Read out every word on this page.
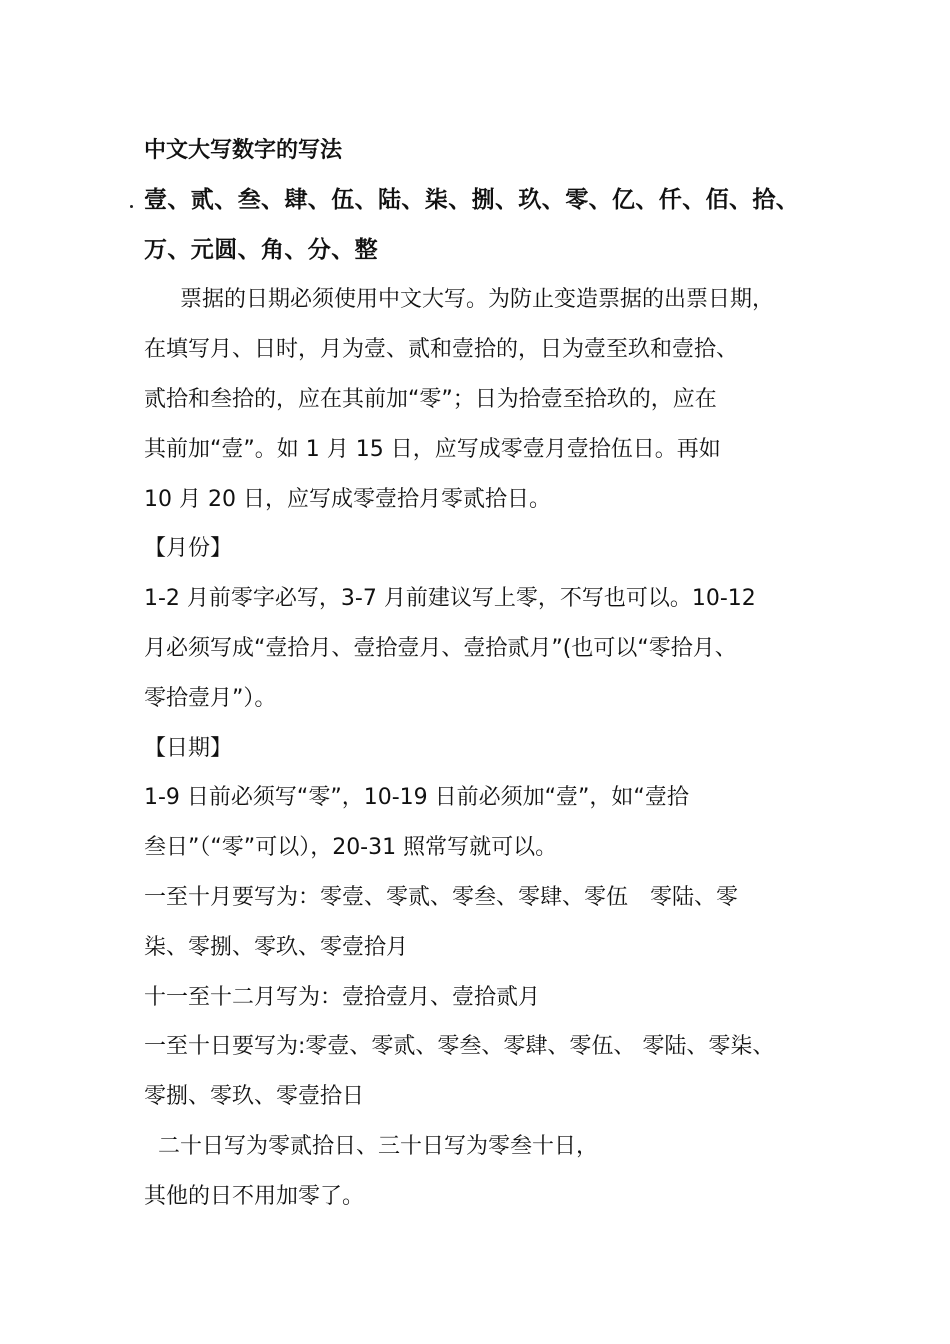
中文大写数字的写法
壹、贰、叁、肆、伍、陆、柒、捌、玖、零、亿、仟、佰、拾、
万、元圆、角、分、整
票据的日期必须使用中文大写。为防止变造票据的出票日期，
在填写月、日时，月为壹、贰和壹拾的，日为壹至玖和壹拾、
贰拾和叁拾的，应在其前加“零”；日为拾壹至拾玖的，应在
其前加“壹”。如 1 月 15 日，应写成零壹月壹拾伍日。再如
10 月 20 日，应写成零壹拾月零贰拾日。
【月份】
1-2 月前零字必写，3-7 月前建议写上零，不写也可以。10-12
月必须写成“壹拾月、壹拾壹月、壹拾贰月”(也可以“零拾月、
零拾壹月”）。
【日期】
1-9 日前必须写“零”，10-19 日前必须加“壹”，如“壹拾
叁日”（“零”可以），20-31 照常写就可以。
一至十月要写为：零壹、零贰、零叁、零肆、零伍　零陆、零
柒、零捌、零玖、零壹拾月
十一至十二月写为：壹拾壹月、壹拾贰月
一至十日要写为:零壹、零贰、零叁、零肆、零伍、 零陆、零柒、
零捌、零玖、零壹拾日
二十日写为零贰拾日、三十日写为零叁十日，
其他的日不用加零了。
